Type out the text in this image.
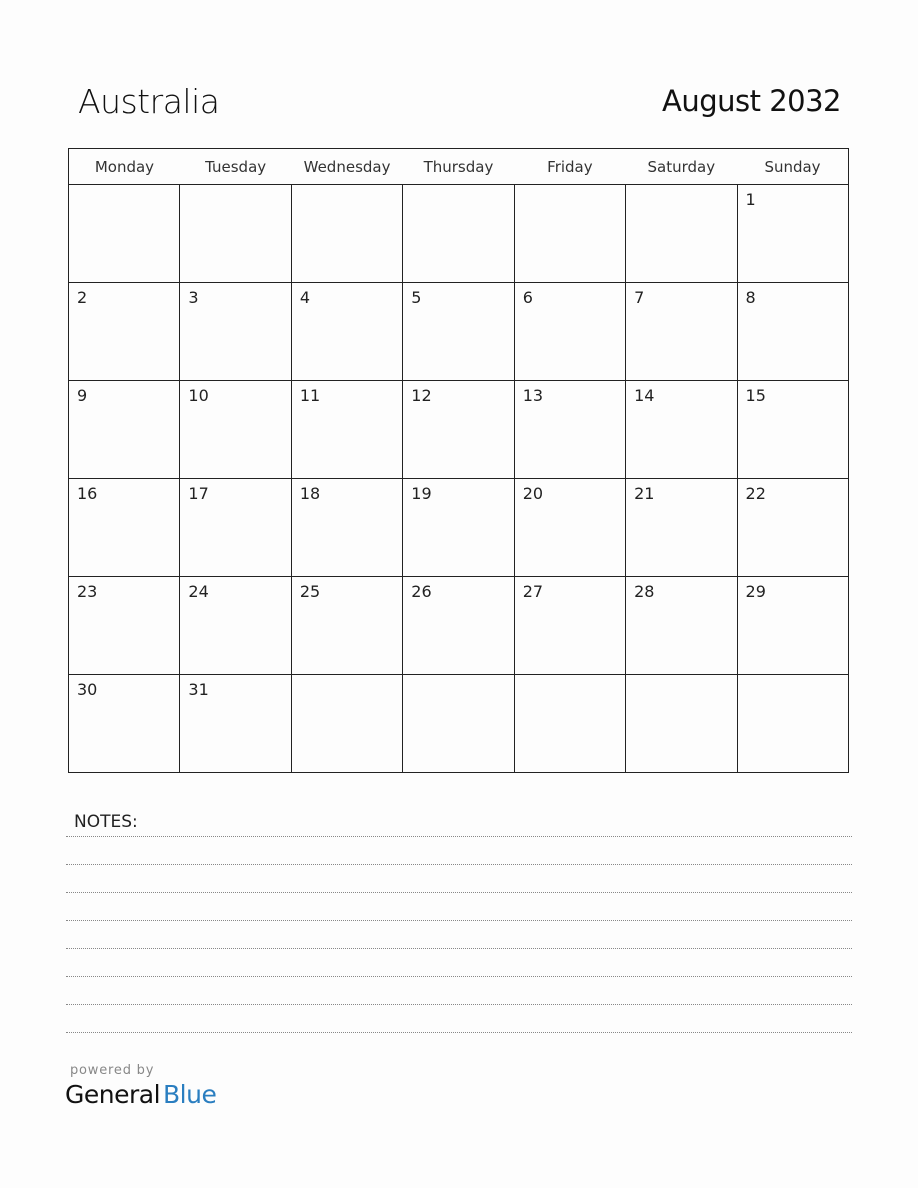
Australia	August 2032
Monday	Tuesday	Wednesday	Thursday	Friday	Saturday	Sunday

						1

2	3	4	5	6	7	8

9	10	11	12	13	14	15

16	17	18	19	20	21	22

23	24	25	26	27	28	29

30	31					

NOTES:
powered by
General Blue
